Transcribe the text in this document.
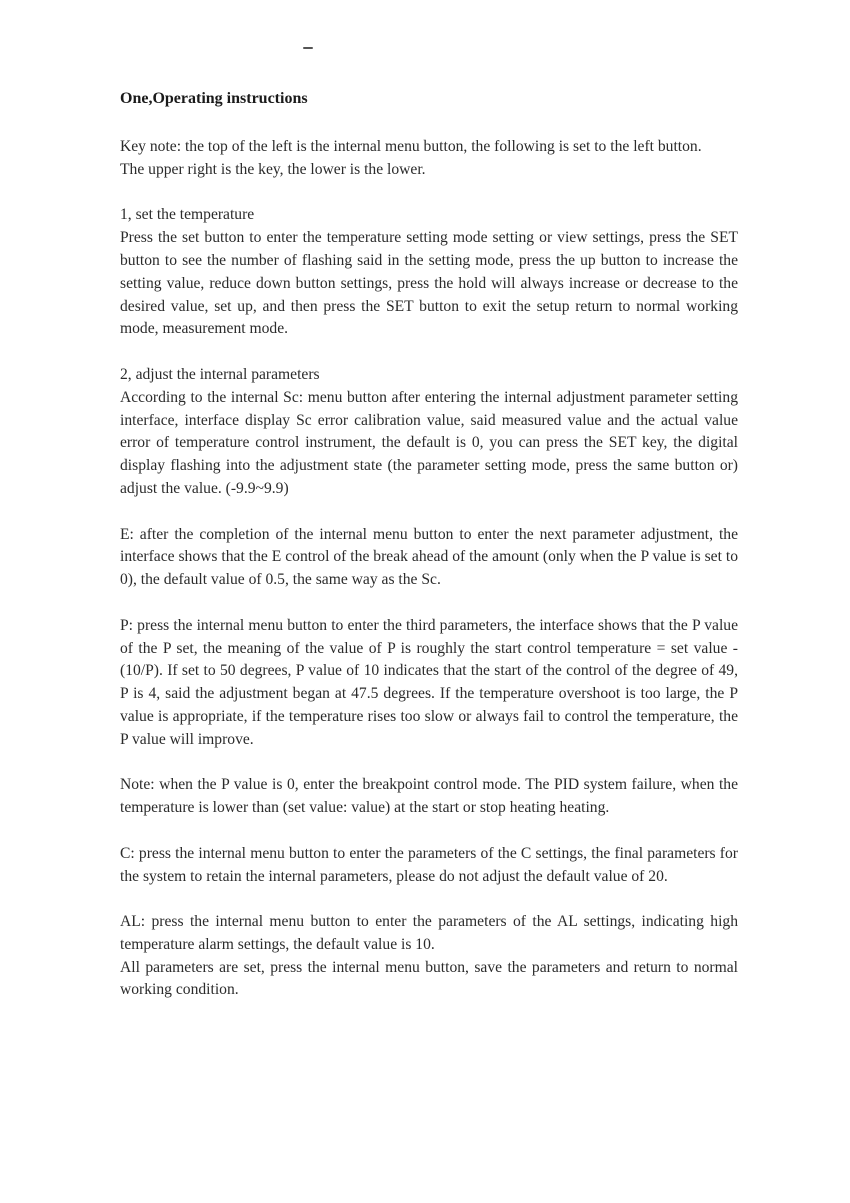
One,Operating instructions

Key note: the top of the left is the internal menu button, the following is set to the left button.

The upper right is the key, the lower is the lower.

1, set the temperature

Press the set button to enter the temperature setting mode setting or view settings, press the SET button to see the number of flashing said in the setting mode, press the up button to increase the setting value, reduce down button settings, press the hold will always increase or decrease to the desired value, set up, and then press the SET button to exit the setup return to normal working mode, measurement mode.

2, adjust the internal parameters

According to the internal Sc: menu button after entering the internal adjustment parameter setting interface, interface display Sc error calibration value, said measured value and the actual value error of temperature control instrument, the default is 0, you can press the SET key, the digital display flashing into the adjustment state (the parameter setting mode, press the same button or) adjust the value. (-9.9~9.9)

E: after the completion of the internal menu button to enter the next parameter adjustment, the interface shows that the E control of the break ahead of the amount (only when the P value is set to 0), the default value of 0.5, the same way as the Sc.

P: press the internal menu button to enter the third parameters, the interface shows that the P value of the P set, the meaning of the value of P is roughly the start control temperature = set value - (10/P). If set to 50 degrees, P value of 10 indicates that the start of the control of the degree of 49, P is 4, said the adjustment began at 47.5 degrees. If the temperature overshoot is too large, the P value is appropriate, if the temperature rises too slow or always fail to control the temperature, the P value will improve.

Note: when the P value is 0, enter the breakpoint control mode. The PID system failure, when the temperature is lower than (set value: value) at the start or stop heating heating.

C: press the internal menu button to enter the parameters of the C settings, the final parameters for the system to retain the internal parameters, please do not adjust the default value of 20.

AL: press the internal menu button to enter the parameters of the AL settings, indicating high temperature alarm settings, the default value is 10.

All parameters are set, press the internal menu button, save the parameters and return to normal working condition.
